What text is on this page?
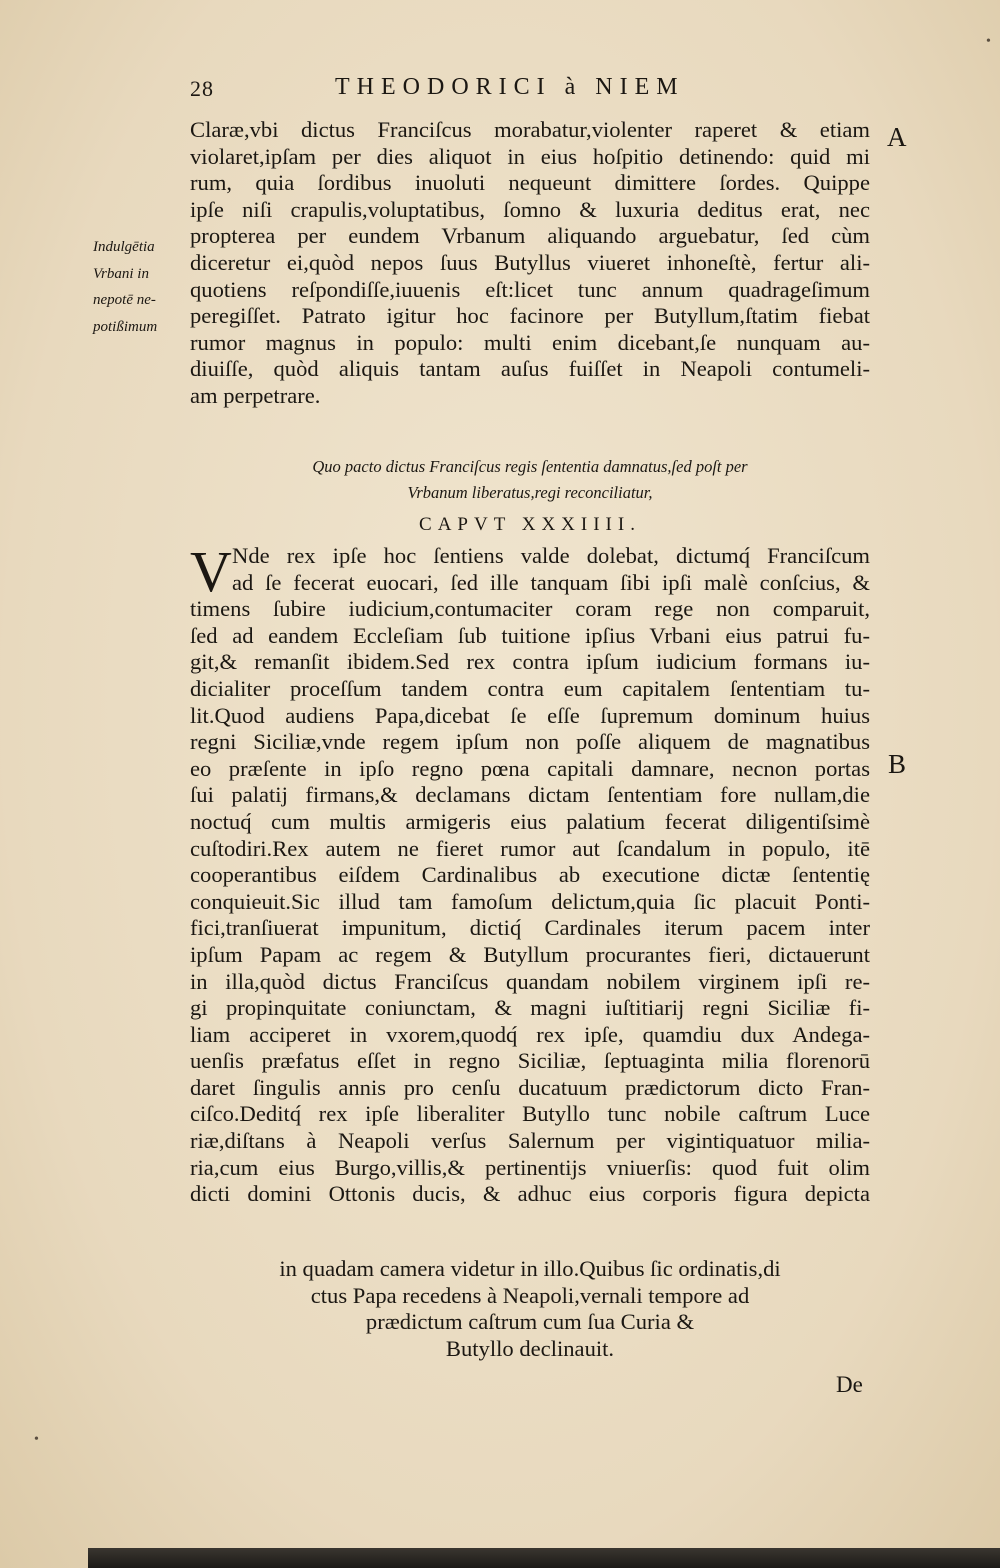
28	THEODORICI à NIEM
A
Indulgētia
Vrbani in
nepotē ne-
potißimum
Claræ,vbi dictus Franciſcus morabatur,violenter raperet & etiam
violaret,ipſam per dies aliquot in eius hoſpitio detinendo: quid mi
rum, quia ſordibus inuoluti nequeunt dimittere ſordes. Quippe
ipſe niſi crapulis,voluptatibus, ſomno & luxuria deditus erat, nec
propterea per eundem Vrbanum aliquando arguebatur, ſed cùm
diceretur ei,quòd nepos ſuus Butyllus viueret inhoneſtè, fertur ali-
quotiens reſpondiſſe,iuuenis eſt:licet tunc annum quadrageſimum
peregiſſet. Patrato igitur hoc facinore per Butyllum,ſtatim fiebat
rumor magnus in populo: multi enim dicebant,ſe nunquam au-
diuiſſe, quòd aliquis tantam auſus fuiſſet in Neapoli contumeli-
am perpetrare.
Quo pacto dictus Franciſcus regis ſententia damnatus,ſed poſt per
Vrbanum liberatus,regi reconciliatur,
CAPVT XXXIIII.
V Nde rex ipſe hoc ſentiens valde dolebat, dictumq́ Franciſcum
ad ſe fecerat euocari, ſed ille tanquam ſibi ipſi malè conſcius, &
timens ſubire iudicium,contumaciter coram rege non comparuit,
ſed ad eandem Eccleſiam ſub tuitione ipſius Vrbani eius patrui fu-
git,& remanſit ibidem.Sed rex contra ipſum iudicium formans iu-
dicialiter proceſſum tandem contra eum capitalem ſententiam tu-
lit.Quod audiens Papa,dicebat ſe eſſe ſupremum dominum huius
regni Siciliæ,vnde regem ipſum non poſſe aliquem de magnatibus
eo præſente in ipſo regno pœna capitali damnare, necnon portas
ſui palatij firmans,& declamans dictam ſententiam fore nullam,die
noctuq́ cum multis armigeris eius palatium fecerat diligentiſsimè
cuſtodiri.Rex autem ne fieret rumor aut ſcandalum in populo, itē
cooperantibus eiſdem Cardinalibus ab executione dictæ ſententię
conquieuit.Sic illud tam famoſum delictum,quia ſic placuit Ponti-
fici,tranſiuerat impunitum, dictiq́ Cardinales iterum pacem inter
ipſum Papam ac regem & Butyllum procurantes fieri, dictauerunt
in illa,quòd dictus Franciſcus quandam nobilem virginem ipſi re-
gi propinquitate coniunctam, & magni iuſtitiarij regni Siciliæ fi-
liam acciperet in vxorem,quodq́ rex ipſe, quamdiu dux Andega-
uenſis præfatus eſſet in regno Siciliæ, ſeptuaginta milia florenorū
daret ſingulis annis pro cenſu ducatuum prædictorum dicto Fran-
ciſco.Deditq́ rex ipſe liberaliter Butyllo tunc nobile caſtrum Luce
riæ,diſtans à Neapoli verſus Salernum per vigintiquatuor milia-
ria,cum eius Burgo,villis,& pertinentijs vniuerſis: quod fuit olim
dicti domini Ottonis ducis, & adhuc eius corporis figura depicta
B
in quadam camera videtur in illo.Quibus ſic ordinatis,di
ctus Papa recedens à Neapoli,vernali tempore ad
prædictum caſtrum cum ſua Curia &
Butyllo declinauit.
De
•
•
